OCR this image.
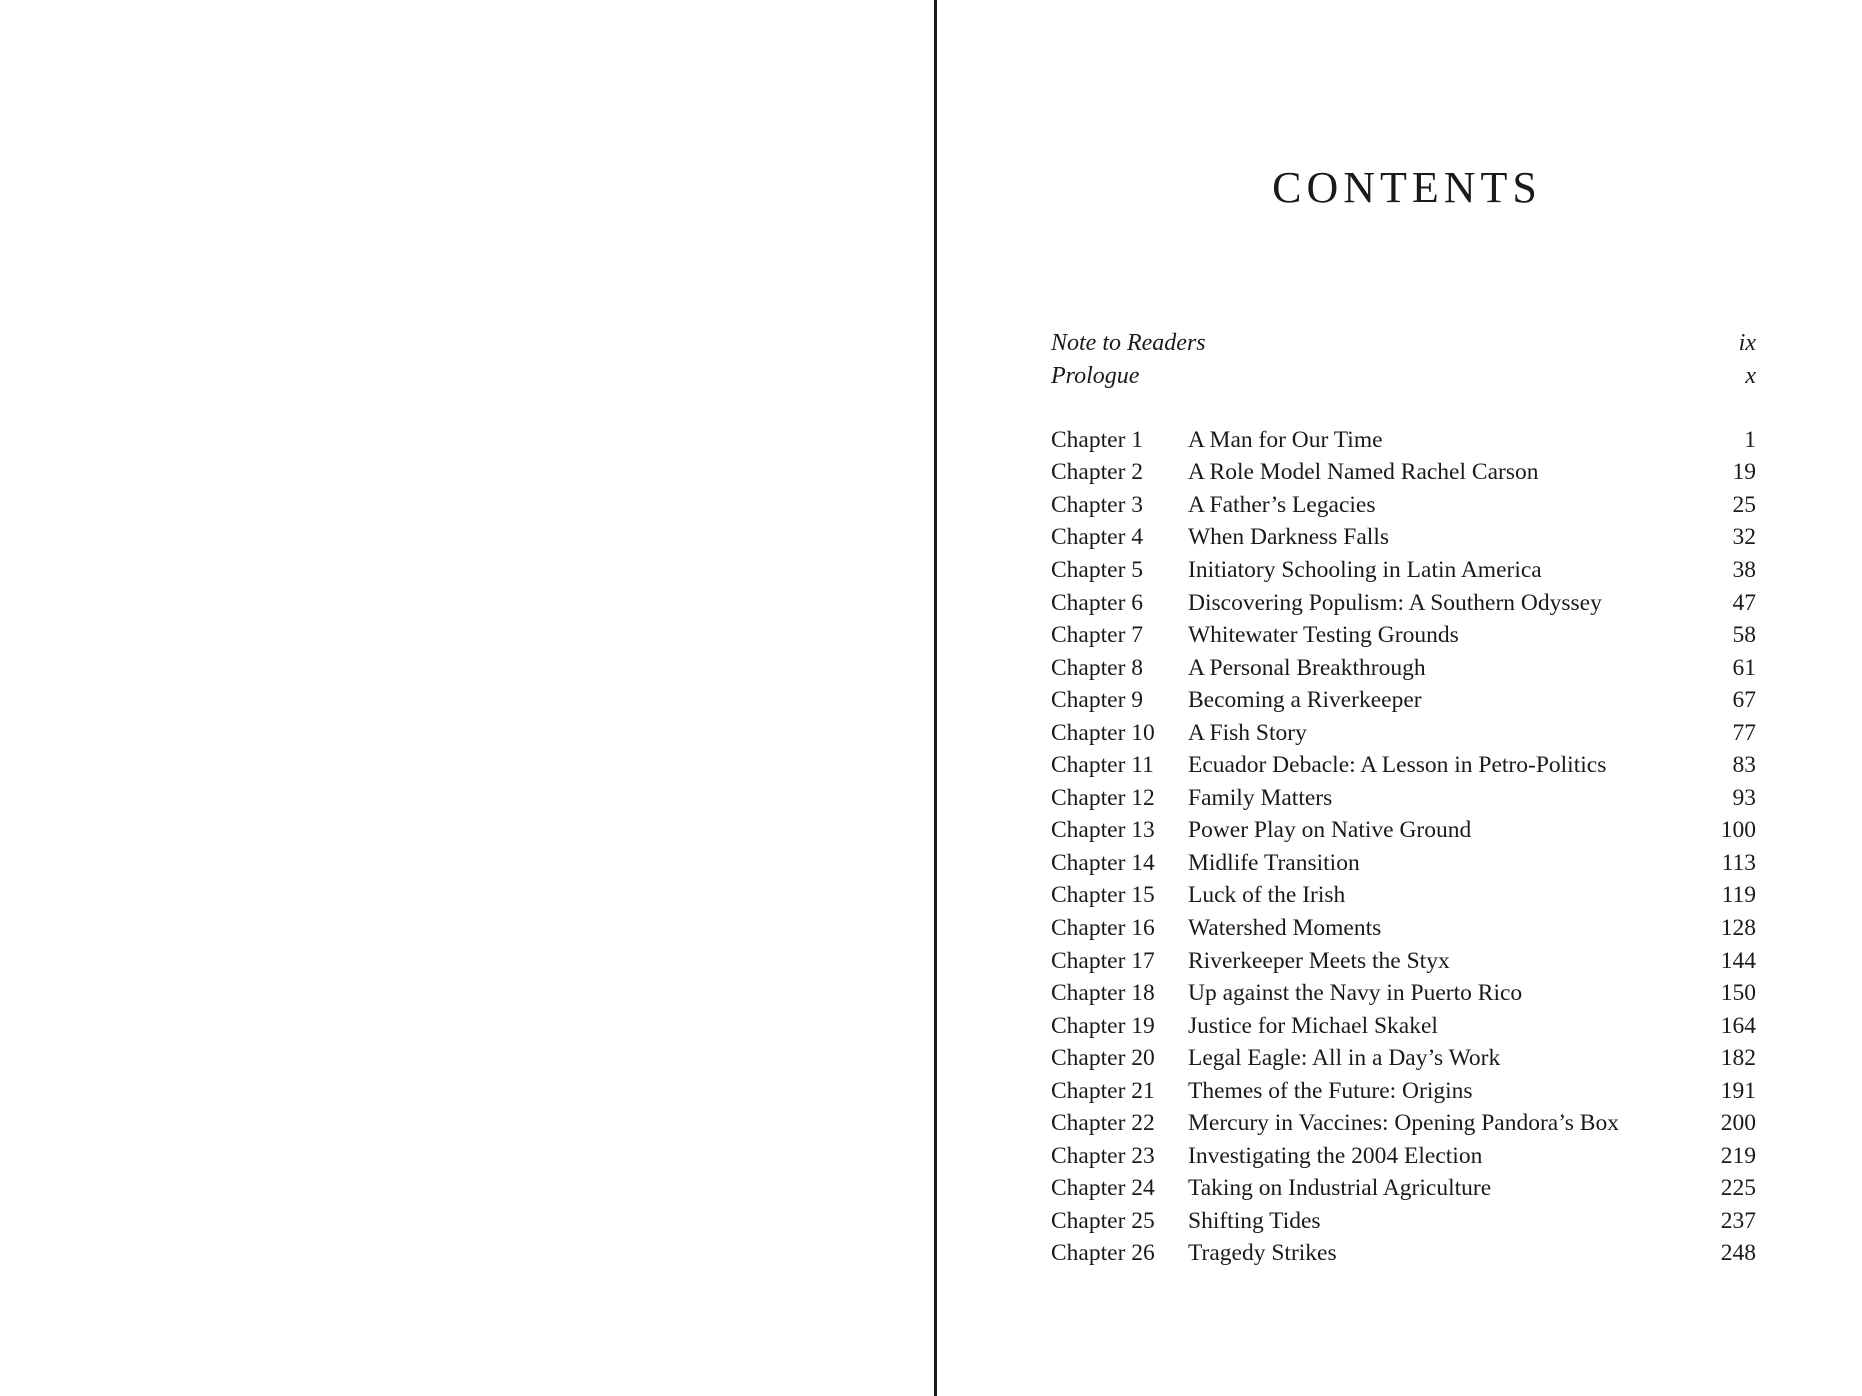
CONTENTS
Note to Readers	ix
Prologue	x
Chapter 1	A Man for Our Time	1
Chapter 2	A Role Model Named Rachel Carson	19
Chapter 3	A Father’s Legacies	25
Chapter 4	When Darkness Falls	32
Chapter 5	Initiatory Schooling in Latin America	38
Chapter 6	Discovering Populism: A Southern Odyssey	47
Chapter 7	Whitewater Testing Grounds	58
Chapter 8	A Personal Breakthrough	61
Chapter 9	Becoming a Riverkeeper	67
Chapter 10	A Fish Story	77
Chapter 11	Ecuador Debacle: A Lesson in Petro-Politics	83
Chapter 12	Family Matters	93
Chapter 13	Power Play on Native Ground	100
Chapter 14	Midlife Transition	113
Chapter 15	Luck of the Irish	119
Chapter 16	Watershed Moments	128
Chapter 17	Riverkeeper Meets the Styx	144
Chapter 18	Up against the Navy in Puerto Rico	150
Chapter 19	Justice for Michael Skakel	164
Chapter 20	Legal Eagle: All in a Day’s Work	182
Chapter 21	Themes of the Future: Origins	191
Chapter 22	Mercury in Vaccines: Opening Pandora’s Box	200
Chapter 23	Investigating the 2004 Election	219
Chapter 24	Taking on Industrial Agriculture	225
Chapter 25	Shifting Tides	237
Chapter 26	Tragedy Strikes	248
